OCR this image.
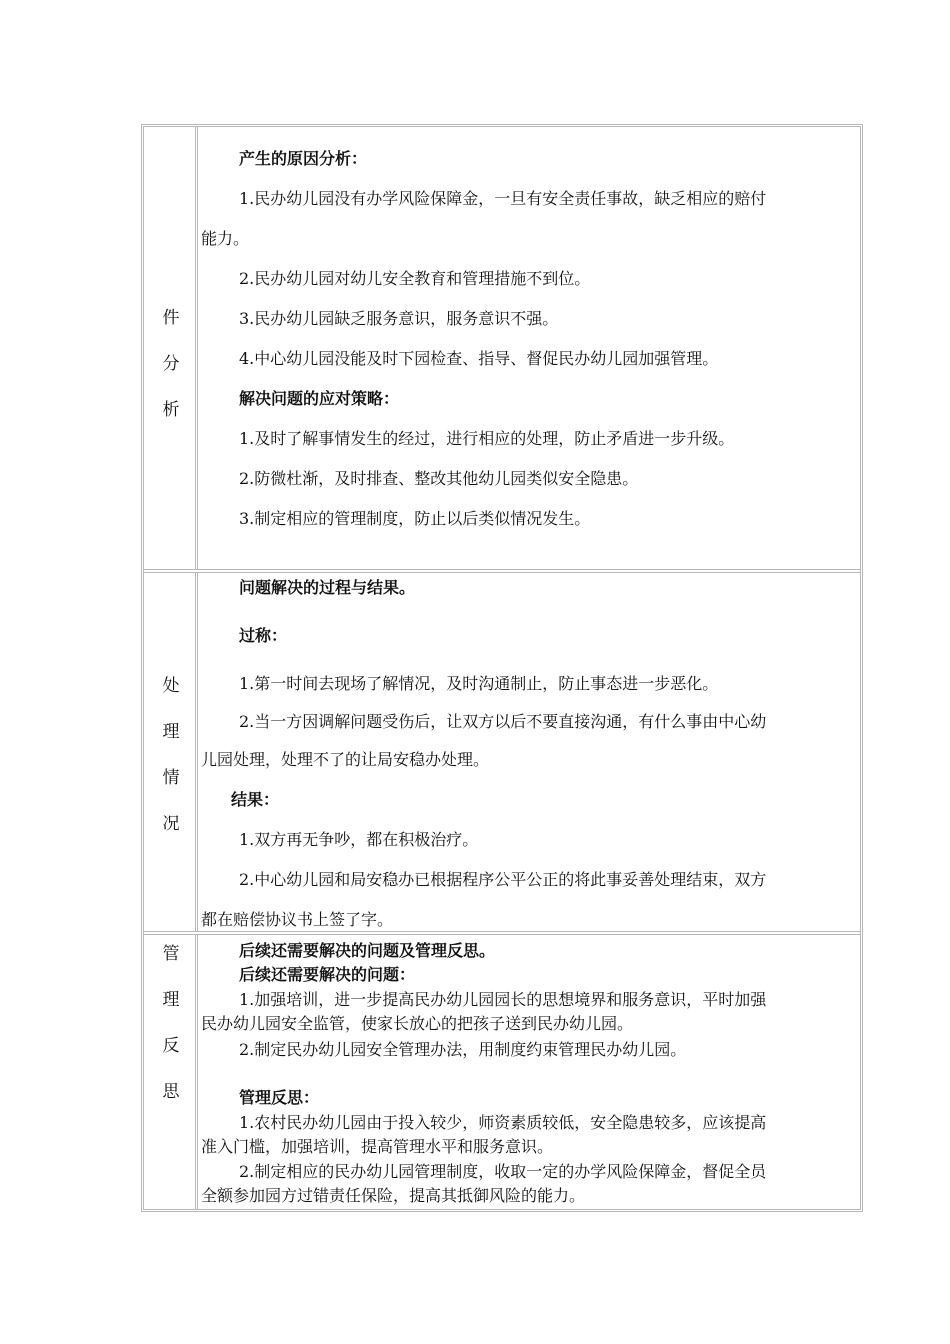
件
分
析
产生的原因分析：
1.民办幼儿园没有办学风险保障金，一旦有安全责任事故，缺乏相应的赔付
能力。
2.民办幼儿园对幼儿安全教育和管理措施不到位。
3.民办幼儿园缺乏服务意识，服务意识不强。
4.中心幼儿园没能及时下园检查、指导、督促民办幼儿园加强管理。
解决问题的应对策略：
1.及时了解事情发生的经过，进行相应的处理，防止矛盾进一步升级。
2.防微杜渐，及时排查、整改其他幼儿园类似安全隐患。
3.制定相应的管理制度，防止以后类似情况发生。
处
理
情
况
问题解决的过程与结果。
过称：
1.第一时间去现场了解情况，及时沟通制止，防止事态进一步恶化。
2.当一方因调解问题受伤后，让双方以后不要直接沟通，有什么事由中心幼
儿园处理，处理不了的让局安稳办处理。
结果：
1.双方再无争吵，都在积极治疗。
2.中心幼儿园和局安稳办已根据程序公平公正的将此事妥善处理结束，双方
都在赔偿协议书上签了字。
管
理
反
思
后续还需要解决的问题及管理反思。
后续还需要解决的问题：
1.加强培训，进一步提高民办幼儿园园长的思想境界和服务意识，平时加强
民办幼儿园安全监管，使家长放心的把孩子送到民办幼儿园。
2.制定民办幼儿园安全管理办法，用制度约束管理民办幼儿园。
管理反思：
1.农村民办幼儿园由于投入较少，师资素质较低，安全隐患较多，应该提高
准入门槛，加强培训，提高管理水平和服务意识。
2.制定相应的民办幼儿园管理制度，收取一定的办学风险保障金，督促全员
全额参加园方过错责任保险，提高其抵御风险的能力。
